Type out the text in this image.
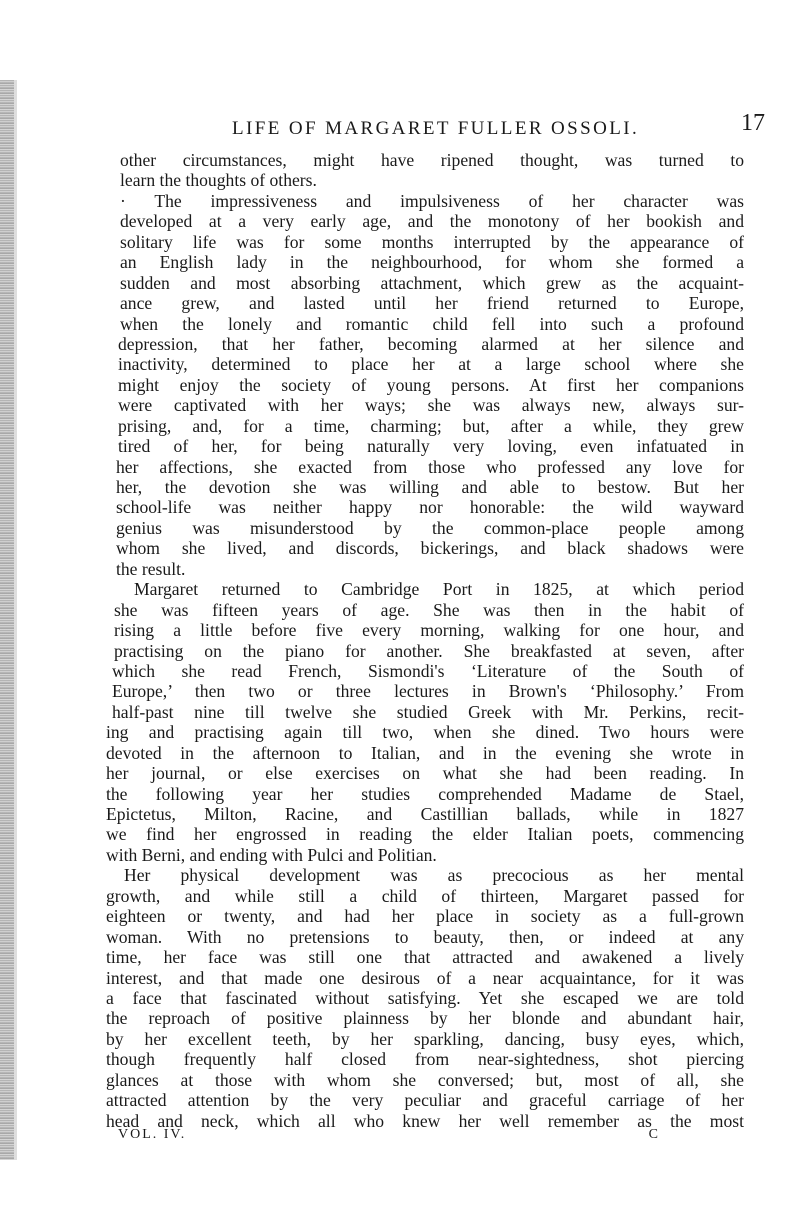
LIFE OF MARGARET FULLER OSSOLI.	17
other circumstances, might have ripened thought, was turned to
learn the thoughts of others.
· The impressiveness and impulsiveness of her character was
developed at a very early age, and the monotony of her bookish and
solitary life was for some months interrupted by the appearance of
an English lady in the neighbourhood, for whom she formed a
sudden and most absorbing attachment, which grew as the acquaint-
ance grew, and lasted until her friend returned to Europe,
when the lonely and romantic child fell into such a profound
depression, that her father, becoming alarmed at her silence and
inactivity, determined to place her at a large school where she
might enjoy the society of young persons. At first her companions
were captivated with her ways; she was always new, always sur-
prising, and, for a time, charming; but, after a while, they grew
tired of her, for being naturally very loving, even infatuated in
her affections, she exacted from those who professed any love for
her, the devotion she was willing and able to bestow. But her
school-life was neither happy nor honorable: the wild wayward
genius was misunderstood by the common-place people among
whom she lived, and discords, bickerings, and black shadows were
the result.
Margaret returned to Cambridge Port in 1825, at which period
she was fifteen years of age. She was then in the habit of
rising a little before five every morning, walking for one hour, and
practising on the piano for another. She breakfasted at seven, after
which she read French, Sismondi's ‘Literature of the South of
Europe,’ then two or three lectures in Brown's ‘Philosophy.’ From
half-past nine till twelve she studied Greek with Mr. Perkins, recit-
ing and practising again till two, when she dined. Two hours were
devoted in the afternoon to Italian, and in the evening she wrote in
her journal, or else exercises on what she had been reading. In
the following year her studies comprehended Madame de Stael,
Epictetus, Milton, Racine, and Castillian ballads, while in 1827
we find her engrossed in reading the elder Italian poets, commencing
with Berni, and ending with Pulci and Politian.
Her physical development was as precocious as her mental
growth, and while still a child of thirteen, Margaret passed for
eighteen or twenty, and had her place in society as a full-grown
woman. With no pretensions to beauty, then, or indeed at any
time, her face was still one that attracted and awakened a lively
interest, and that made one desirous of a near acquaintance, for it was
a face that fascinated without satisfying. Yet she escaped we are told
the reproach of positive plainness by her blonde and abundant hair,
by her excellent teeth, by her sparkling, dancing, busy eyes, which,
though frequently half closed from near-sightedness, shot piercing
glances at those with whom she conversed; but, most of all, she
attracted attention by the very peculiar and graceful carriage of her
head and neck, which all who knew her well remember as the most
VOL. IV.	C
